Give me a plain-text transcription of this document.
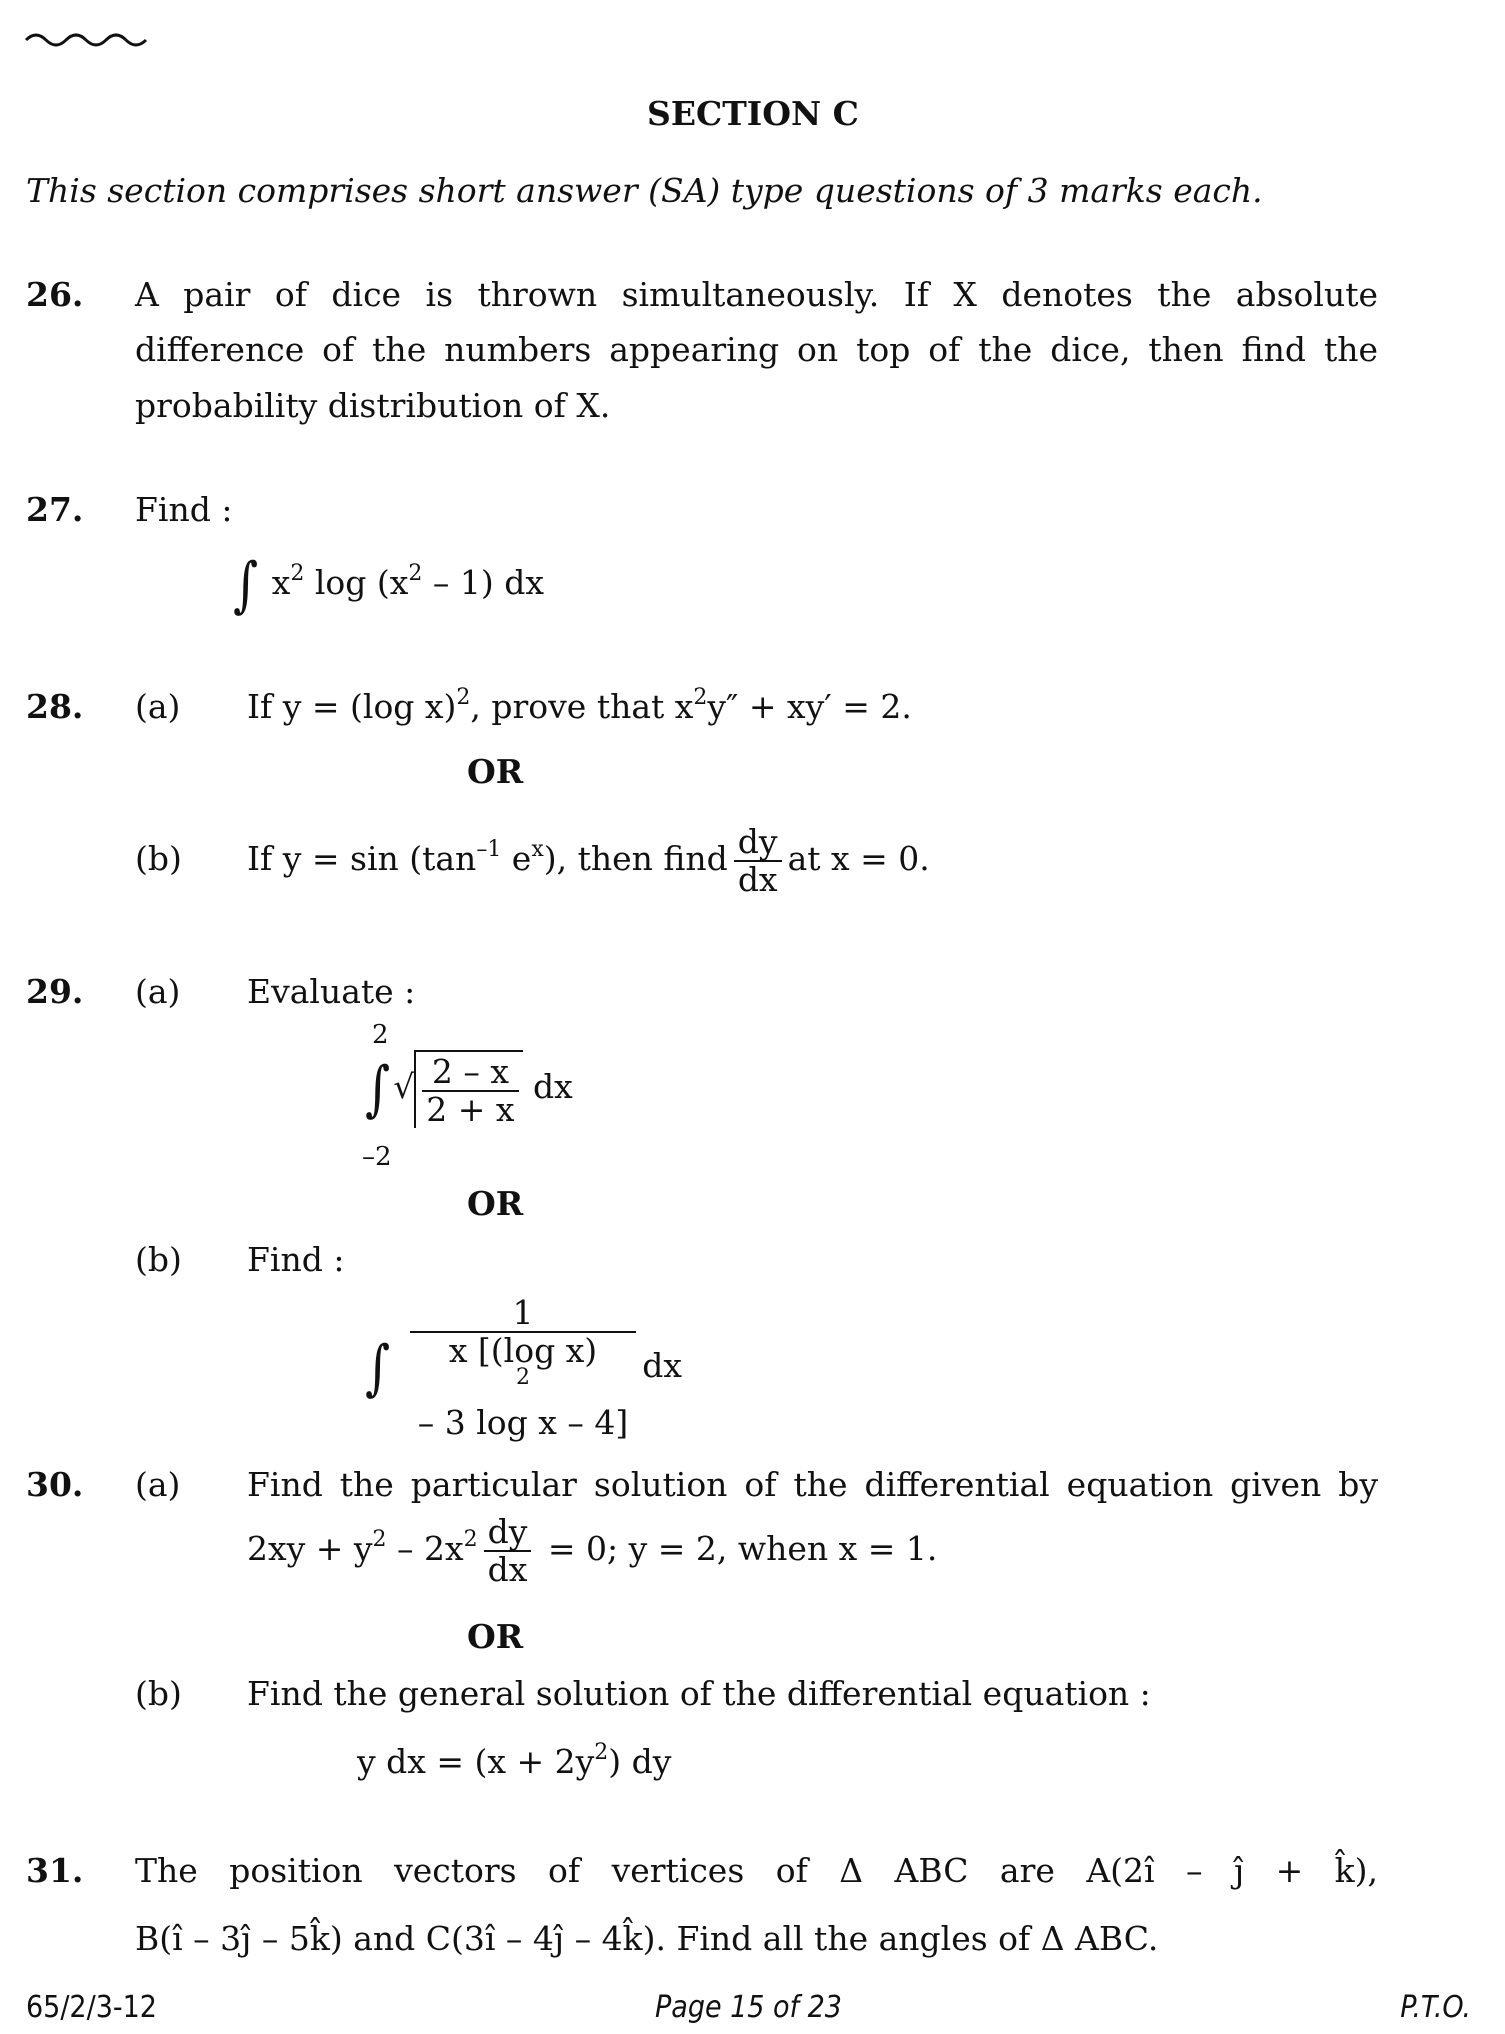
SECTION C
This section comprises short answer (SA) type questions of 3 marks each.
26. A pair of dice is thrown simultaneously. If X denotes the absolute
difference of the numbers appearing on top of the dice, then find the
probability distribution of X.
27. Find :
∫ $x^2$ $\log (x^2 - 1)$ dx
28. (a) If y = (log x)$^2$, prove that $x^2y'' + xy' = 2$.
OR
(b) If $y = \sin (\tan^{-1}$ $e^x$), then find $\frac{dy}{dx}$ at x = 0.
29. (a) Evaluate :
2
–2
∫√ $\frac{2 - x}{2 + x}$ dx
OR
(b) Find :
∫ 1
x [(log x)
$^2$
– 3 log x – 4] dx
30. (a) Find the particular solution of the differential equation given by
$2xy + y^2 - 2x^2 \frac{dy}{dx} = 0$; y = 2, when x = 1.
OR
(b) Find the general solution of the differential equation :
y dx = $(x + 2y^2)$ dy
31. The position vectors of vertices of Δ ABC are A(2î – ĵ + k̂),
B(î – 3ĵ – 5k̂) and C(3î – 4ĵ – 4k̂). Find all the angles of Δ ABC.
65/2/3-12	Page 15 of 23	P.T.O.
